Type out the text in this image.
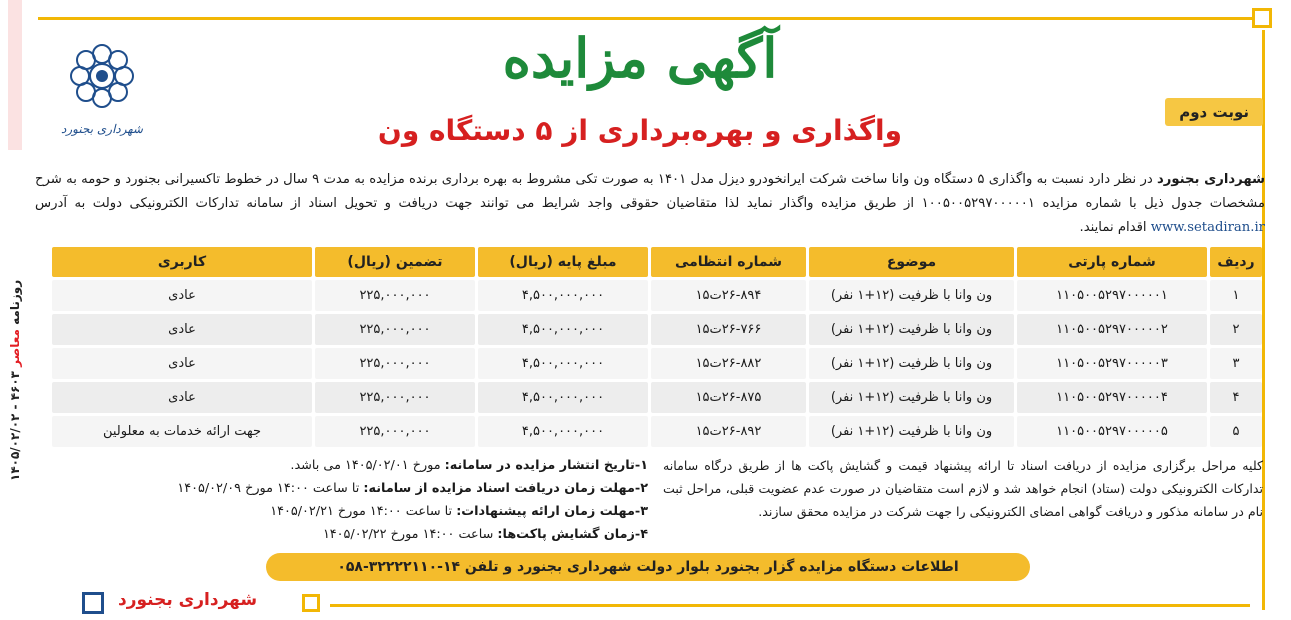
روزنامه معاصر ۴۶۰۳ - ۱۴۰۵/۰۲/۰۲
شهرداری بجنورد
آگهی مزایده
واگذاری و بهره‌برداری از ۵ دستگاه ون
نوبت دوم
شهرداری بجنورد در نظر دارد نسبت به واگذاری ۵ دستگاه ون وانا ساخت شرکت ایرانخودرو دیزل مدل ۱۴۰۱ به صورت تکی مشروط به بهره برداری برنده مزایده به مدت ۹ سال در خطوط تاکسیرانی بجنورد و حومه به شرح مشخصات جدول ذیل با شماره مزایده ۱۰۰۵۰۰۵۲۹۷۰۰۰۰۰۱ از طریق مزایده واگذار نماید لذا متقاضیان حقوقی واجد شرایط می توانند جهت دریافت و تحویل اسناد از سامانه تدارکات الکترونیکی دولت به آدرس www.setadiran.ir اقدام نمایند.
ردیف	شماره پارتی	موضوع	شماره انتظامی	مبلغ پایه (ریال)	تضمین (ریال)	کاربری
۱	۱۱۰۵۰۰۵۲۹۷۰۰۰۰۰۱	ون وانا با ظرفیت (۱۲+۱ نفر)	۲۶-۸۹۴ت۱۵	۴,۵۰۰,۰۰۰,۰۰۰	۲۲۵,۰۰۰,۰۰۰	عادی
۲	۱۱۰۵۰۰۵۲۹۷۰۰۰۰۰۲	ون وانا با ظرفیت (۱۲+۱ نفر)	۲۶-۷۶۶ت۱۵	۴,۵۰۰,۰۰۰,۰۰۰	۲۲۵,۰۰۰,۰۰۰	عادی
۳	۱۱۰۵۰۰۵۲۹۷۰۰۰۰۰۳	ون وانا با ظرفیت (۱۲+۱ نفر)	۲۶-۸۸۲ت۱۵	۴,۵۰۰,۰۰۰,۰۰۰	۲۲۵,۰۰۰,۰۰۰	عادی
۴	۱۱۰۵۰۰۵۲۹۷۰۰۰۰۰۴	ون وانا با ظرفیت (۱۲+۱ نفر)	۲۶-۸۷۵ت۱۵	۴,۵۰۰,۰۰۰,۰۰۰	۲۲۵,۰۰۰,۰۰۰	عادی
۵	۱۱۰۵۰۰۵۲۹۷۰۰۰۰۰۵	ون وانا با ظرفیت (۱۲+۱ نفر)	۲۶-۸۹۲ت۱۵	۴,۵۰۰,۰۰۰,۰۰۰	۲۲۵,۰۰۰,۰۰۰	جهت ارائه خدمات به معلولین
کلیه مراحل برگزاری مزایده از دریافت اسناد تا ارائه پیشنهاد قیمت و گشایش پاکت ها از طریق درگاه سامانه تدارکات الکترونیکی دولت (ستاد) انجام خواهد شد و لازم است متقاضیان در صورت عدم عضویت قبلی، مراحل ثبت نام در سامانه مذکور و دریافت گواهی امضای الکترونیکی را جهت شرکت در مزایده محقق سازند.
۱-تاریخ انتشار مزایده در سامانه: مورخ ۱۴۰۵/۰۲/۰۱ می باشد.
۲-مهلت زمان دریافت اسناد مزایده از سامانه: تا ساعت ۱۴:۰۰ مورخ ۱۴۰۵/۰۲/۰۹
۳-مهلت زمان ارائه پیشنهادات: تا ساعت ۱۴:۰۰ مورخ ۱۴۰۵/۰۲/۲۱
۴-زمان گشایش پاکت‌ها: ساعت ۱۴:۰۰ مورخ ۱۴۰۵/۰۲/۲۲
اطلاعات دستگاه مزایده گزار بجنورد بلوار دولت شهرداری بجنورد و تلفن ۱۴-۳۲۲۲۲۱۱۰-۰۵۸
شهرداری بجنورد
